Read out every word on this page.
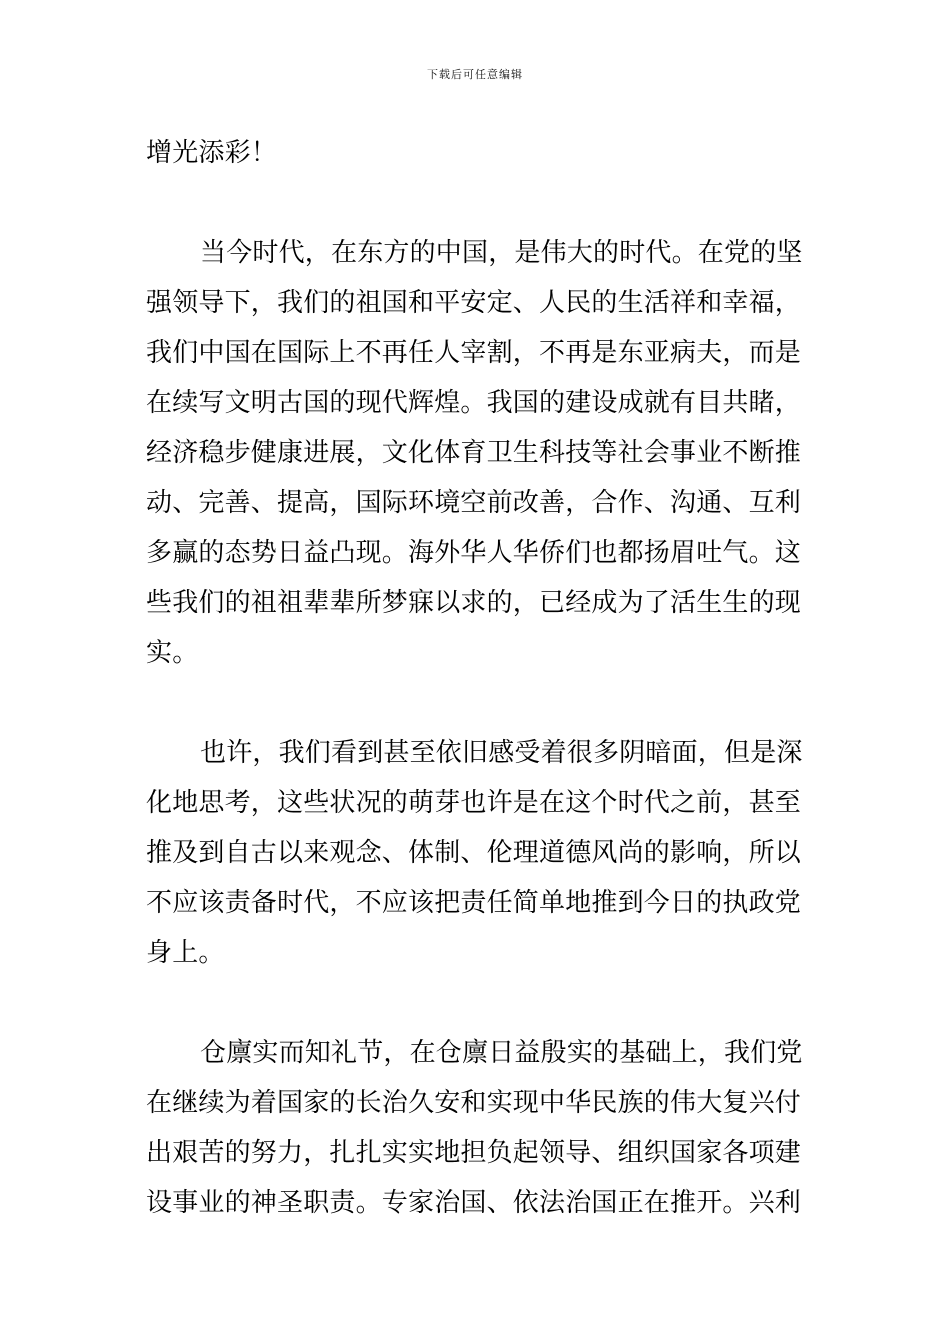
下载后可任意编辑
增光添彩！
当今时代，在东方的中国，是伟大的时代。在党的坚
强领导下，我们的祖国和平安定、人民的生活祥和幸福，
我们中国在国际上不再任人宰割，不再是东亚病夫，而是
在续写文明古国的现代辉煌。我国的建设成就有目共睹，
经济稳步健康进展，文化体育卫生科技等社会事业不断推
动、完善、提高，国际环境空前改善，合作、沟通、互利
多赢的态势日益凸现。海外华人华侨们也都扬眉吐气。这
些我们的祖祖辈辈所梦寐以求的，已经成为了活生生的现
实。
也许，我们看到甚至依旧感受着很多阴暗面，但是深
化地思考，这些状况的萌芽也许是在这个时代之前，甚至
推及到自古以来观念、体制、伦理道德风尚的影响，所以
不应该责备时代，不应该把责任简单地推到今日的执政党
身上。
仓廪实而知礼节，在仓廪日益殷实的基础上，我们党
在继续为着国家的长治久安和实现中华民族的伟大复兴付
出艰苦的努力，扎扎实实地担负起领导、组织国家各项建
设事业的神圣职责。专家治国、依法治国正在推开。兴利
